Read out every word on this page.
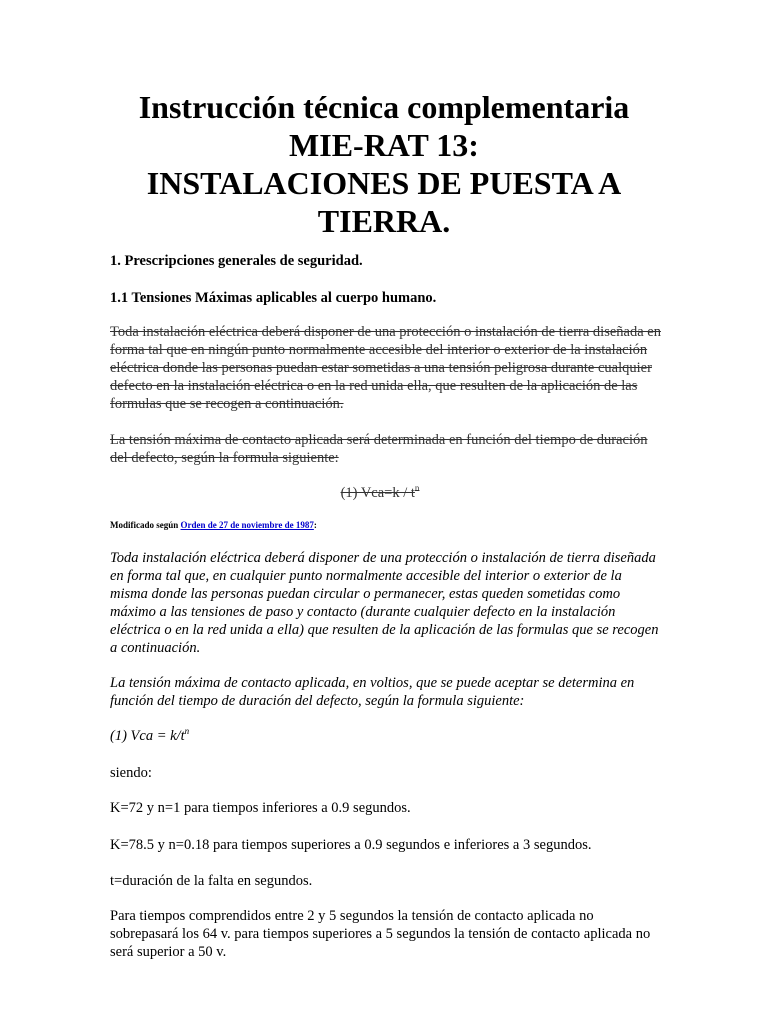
Instrucción técnica complementaria
MIE-RAT 13:
INSTALACIONES DE PUESTA A
TIERRA.

1. Prescripciones generales de seguridad.

1.1 Tensiones Máximas aplicables al cuerpo humano.

Toda instalación eléctrica deberá disponer de una protección o instalación de tierra diseñada en forma tal que en ningún punto normalmente accesible del interior o exterior de la instalación eléctrica donde las personas puedan estar sometidas a una tensión peligrosa durante cualquier defecto en la instalación eléctrica o en la red unida ella, que resulten de la aplicación de las formulas que se recogen a continuación.

La tensión máxima de contacto aplicada será determinada en función del tiempo de duración del defecto, según la formula siguiente:

(1) $Vca=k / t^n$
Modificado según Orden de 27 de noviembre de 1987:

Toda instalación eléctrica deberá disponer de una protección o instalación de tierra diseñada en forma tal que, en cualquier punto normalmente accesible del interior o exterior de la misma donde las personas puedan circular o permanecer, estas queden sometidas como máximo a las tensiones de paso y contacto (durante cualquier defecto en la instalación eléctrica o en la red unida a ella) que resulten de la aplicación de las formulas que se recogen a continuación.

La tensión máxima de contacto aplicada, en voltios, que se puede aceptar se determina en función del tiempo de duración del defecto, según la formula siguiente:

(1) Vca = $k/t^n$

siendo:

K=72 y n=1 para tiempos inferiores a 0.9 segundos.

K=78.5 y n=0.18 para tiempos superiores a 0.9 segundos e inferiores a 3 segundos.

t=duración de la falta en segundos.

Para tiempos comprendidos entre 2 y 5 segundos la tensión de contacto aplicada no sobrepasará los 64 v. para tiempos superiores a 5 segundos la tensión de contacto aplicada no será superior a 50 v.
